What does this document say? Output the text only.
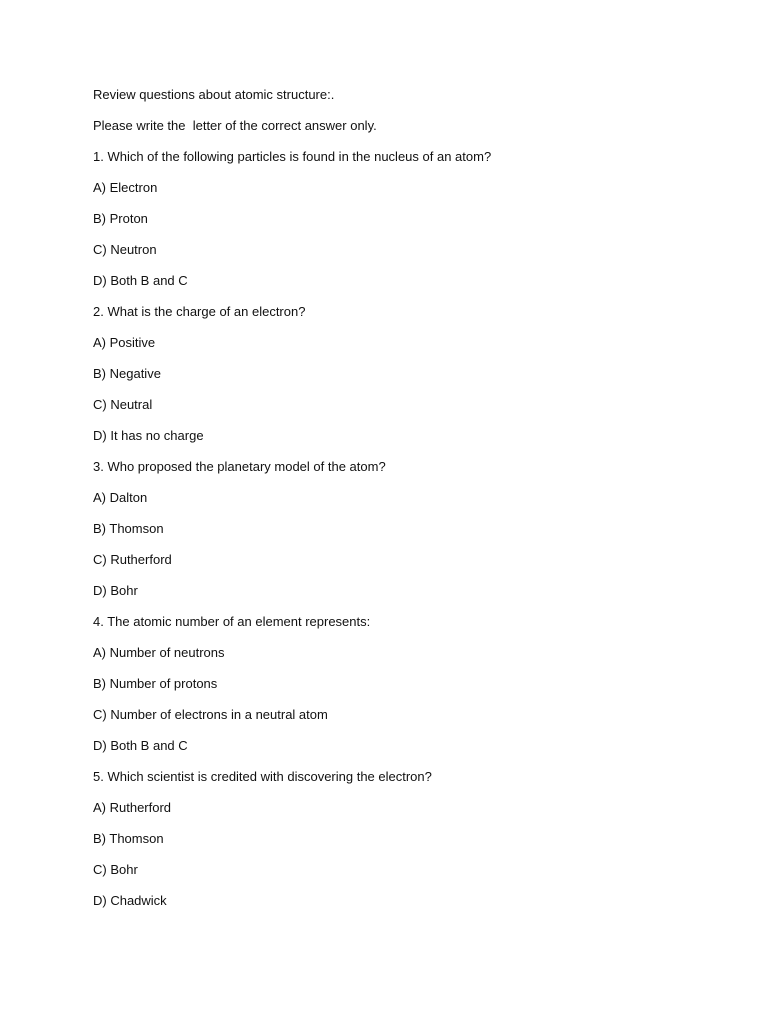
Review questions about atomic structure:.
Please write the  letter of the correct answer only.
1. Which of the following particles is found in the nucleus of an atom?
A) Electron
B) Proton
C) Neutron
D) Both B and C
2. What is the charge of an electron?
A) Positive
B) Negative
C) Neutral
D) It has no charge
3. Who proposed the planetary model of the atom?
A) Dalton
B) Thomson
C) Rutherford
D) Bohr
4. The atomic number of an element represents:
A) Number of neutrons
B) Number of protons
C) Number of electrons in a neutral atom
D) Both B and C
5. Which scientist is credited with discovering the electron?
A) Rutherford
B) Thomson
C) Bohr
D) Chadwick
